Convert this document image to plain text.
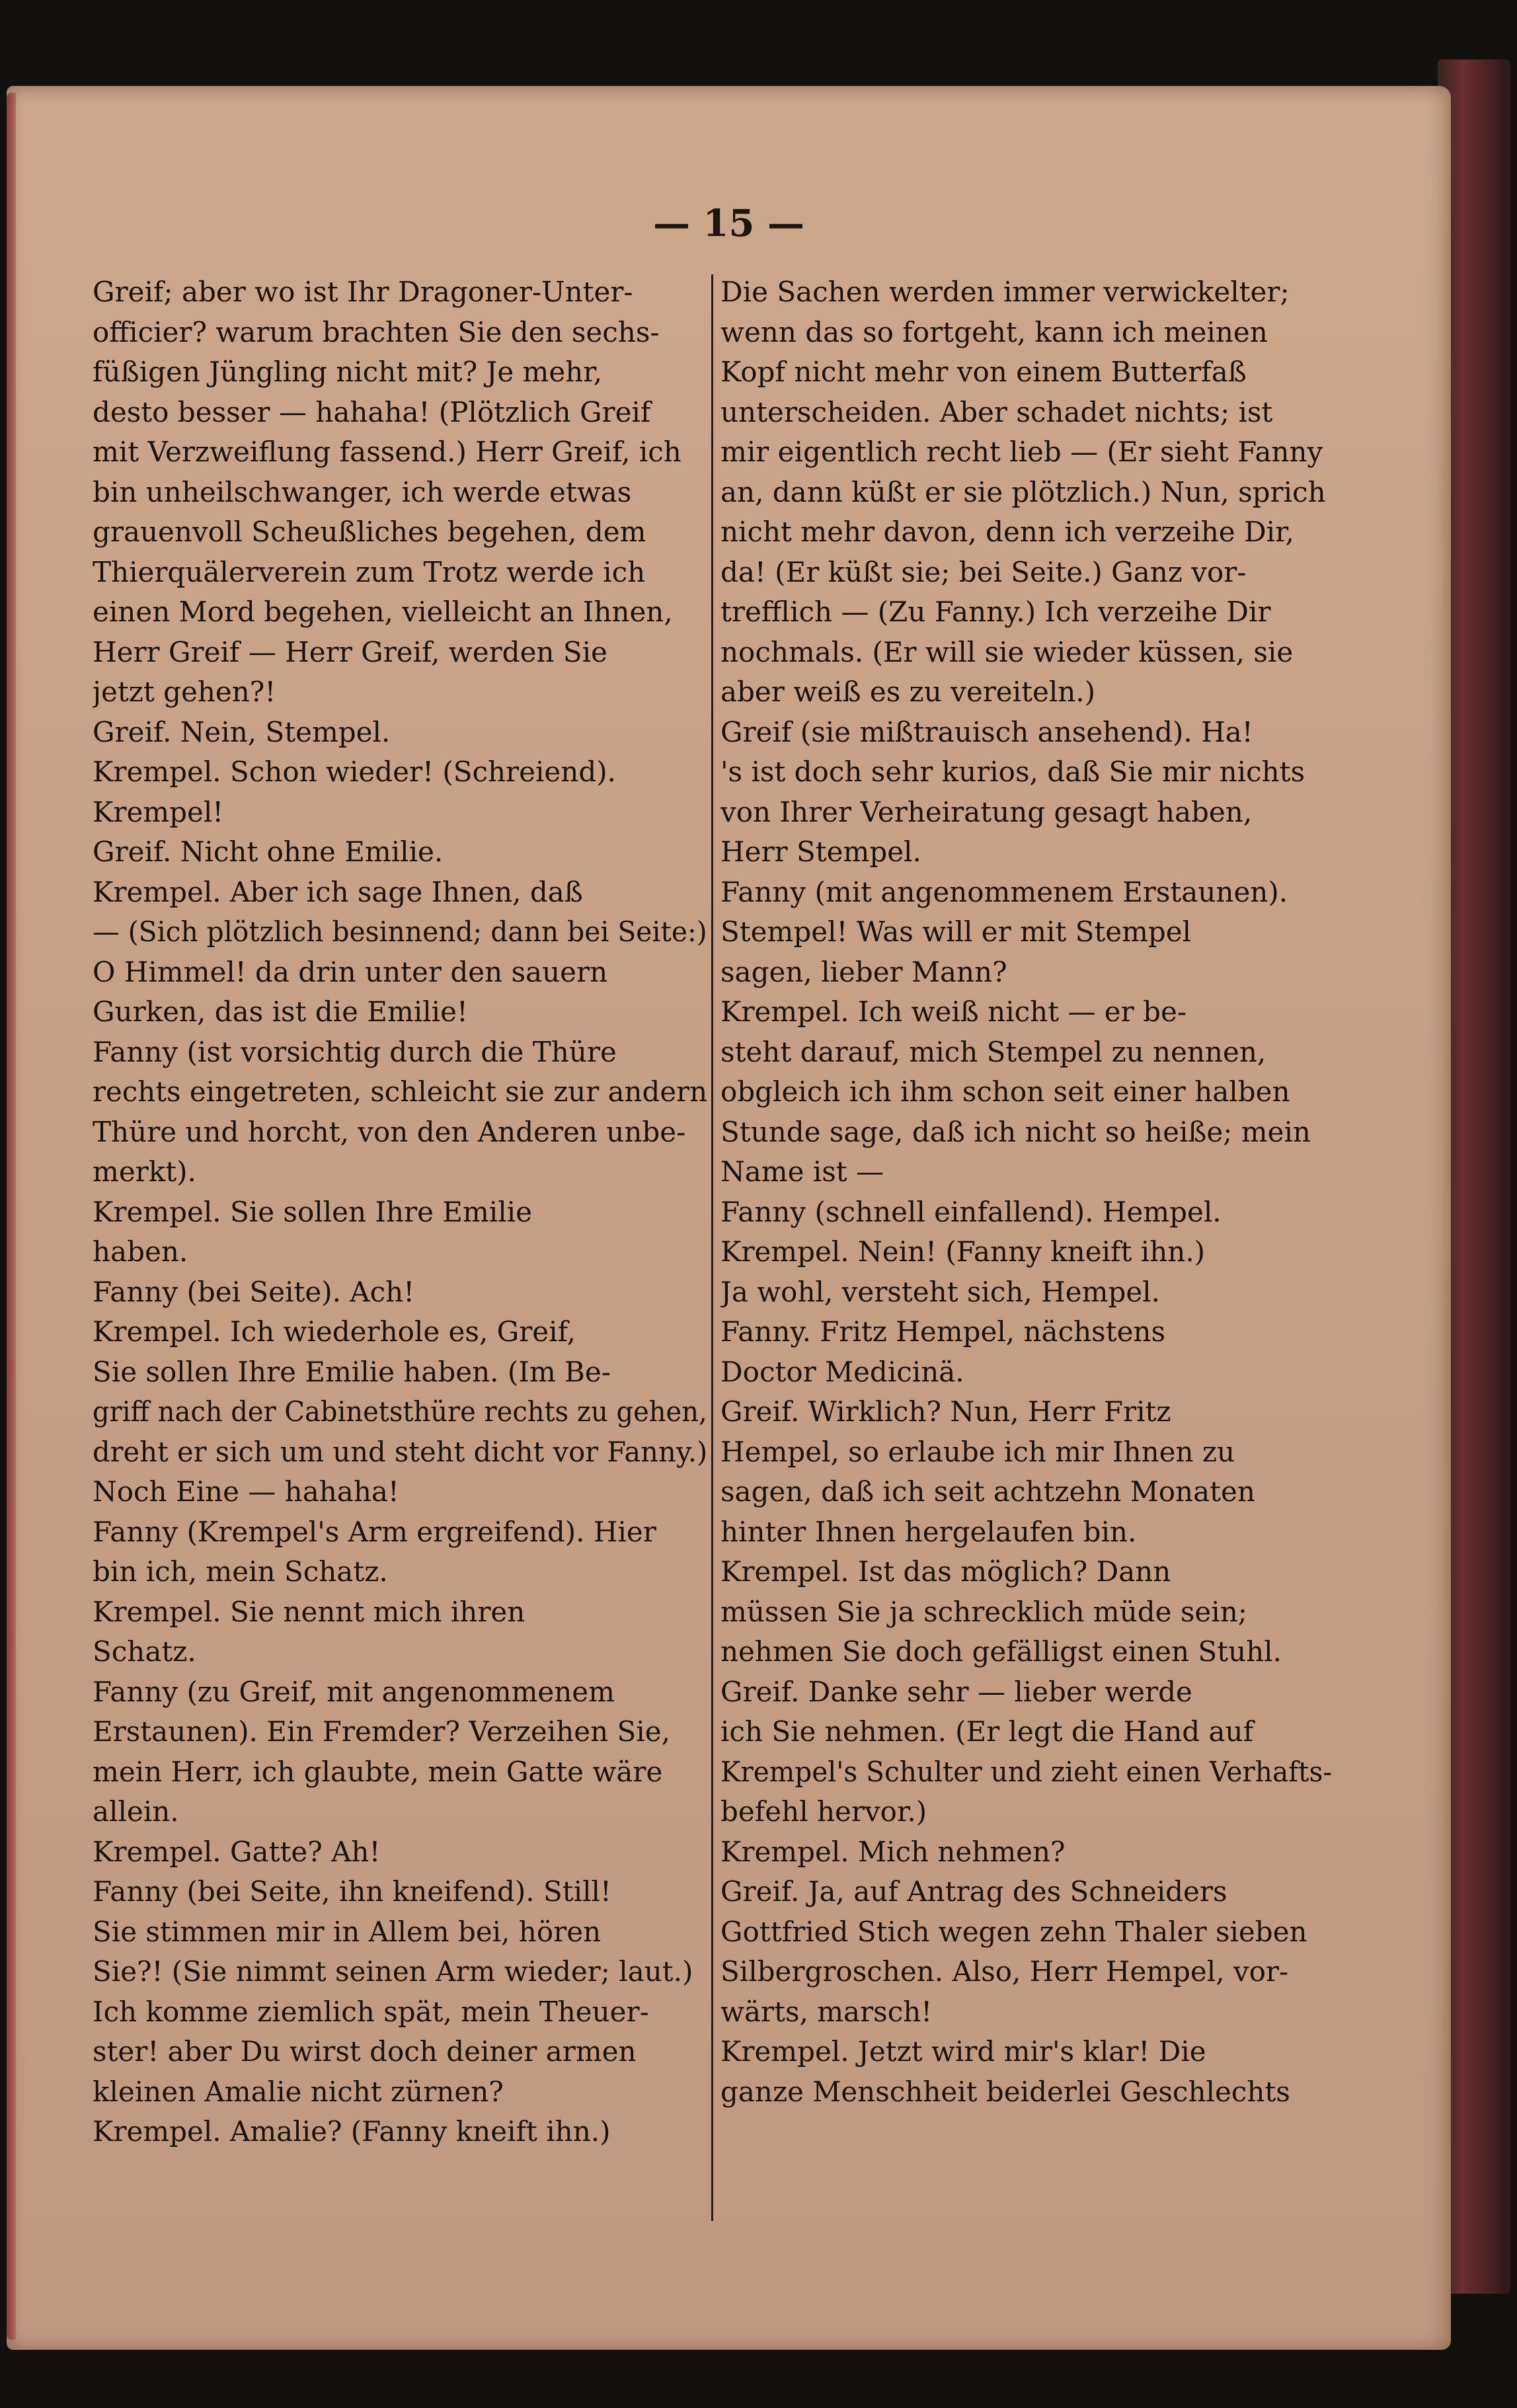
— 15 —
Greif; aber wo ist Ihr Dragoner-Unter-
officier? warum brachten Sie den sechs-
füßigen Jüngling nicht mit? Je mehr,
desto besser — hahaha! (Plötzlich Greif
mit Verzweiflung fassend.) Herr Greif, ich
bin unheilschwanger, ich werde etwas
grauenvoll Scheußliches begehen, dem
Thierquälerverein zum Trotz werde ich
einen Mord begehen, vielleicht an Ihnen,
Herr Greif — Herr Greif, werden Sie
jetzt gehen?!
Greif. Nein, Stempel.
Krempel. Schon wieder! (Schreiend).
Krempel!
Greif. Nicht ohne Emilie.
Krempel. Aber ich sage Ihnen, daß
— (Sich plötzlich besinnend; dann bei Seite:)
O Himmel! da drin unter den sauern
Gurken, das ist die Emilie!
Fanny (ist vorsichtig durch die Thüre
rechts eingetreten, schleicht sie zur andern
Thüre und horcht, von den Anderen unbe-
merkt).
Krempel. Sie sollen Ihre Emilie
haben.
Fanny (bei Seite). Ach!
Krempel. Ich wiederhole es, Greif,
Sie sollen Ihre Emilie haben. (Im Be-
griff nach der Cabinetsthüre rechts zu gehen,
dreht er sich um und steht dicht vor Fanny.)
Noch Eine — hahaha!
Fanny (Krempel's Arm ergreifend). Hier
bin ich, mein Schatz.
Krempel. Sie nennt mich ihren
Schatz.
Fanny (zu Greif, mit angenommenem
Erstaunen). Ein Fremder? Verzeihen Sie,
mein Herr, ich glaubte, mein Gatte wäre
allein.
Krempel. Gatte? Ah!
Fanny (bei Seite, ihn kneifend). Still!
Sie stimmen mir in Allem bei, hören
Sie?! (Sie nimmt seinen Arm wieder; laut.)
Ich komme ziemlich spät, mein Theuer-
ster! aber Du wirst doch deiner armen
kleinen Amalie nicht zürnen?
Krempel. Amalie? (Fanny kneift ihn.)
Die Sachen werden immer verwickelter;
wenn das so fortgeht, kann ich meinen
Kopf nicht mehr von einem Butterfaß
unterscheiden. Aber schadet nichts; ist
mir eigentlich recht lieb — (Er sieht Fanny
an, dann küßt er sie plötzlich.) Nun, sprich
nicht mehr davon, denn ich verzeihe Dir,
da! (Er küßt sie; bei Seite.) Ganz vor-
trefflich — (Zu Fanny.) Ich verzeihe Dir
nochmals. (Er will sie wieder küssen, sie
aber weiß es zu vereiteln.)
Greif (sie mißtrauisch ansehend). Ha!
's ist doch sehr kurios, daß Sie mir nichts
von Ihrer Verheiratung gesagt haben,
Herr Stempel.
Fanny (mit angenommenem Erstaunen).
Stempel! Was will er mit Stempel
sagen, lieber Mann?
Krempel. Ich weiß nicht — er be-
steht darauf, mich Stempel zu nennen,
obgleich ich ihm schon seit einer halben
Stunde sage, daß ich nicht so heiße; mein
Name ist —
Fanny (schnell einfallend). Hempel.
Krempel. Nein! (Fanny kneift ihn.)
Ja wohl, versteht sich, Hempel.
Fanny. Fritz Hempel, nächstens
Doctor Medicinä.
Greif. Wirklich? Nun, Herr Fritz
Hempel, so erlaube ich mir Ihnen zu
sagen, daß ich seit achtzehn Monaten
hinter Ihnen hergelaufen bin.
Krempel. Ist das möglich? Dann
müssen Sie ja schrecklich müde sein;
nehmen Sie doch gefälligst einen Stuhl.
Greif. Danke sehr — lieber werde
ich Sie nehmen. (Er legt die Hand auf
Krempel's Schulter und zieht einen Verhafts-
befehl hervor.)
Krempel. Mich nehmen?
Greif. Ja, auf Antrag des Schneiders
Gottfried Stich wegen zehn Thaler sieben
Silbergroschen. Also, Herr Hempel, vor-
wärts, marsch!
Krempel. Jetzt wird mir's klar! Die
ganze Menschheit beiderlei Geschlechts
